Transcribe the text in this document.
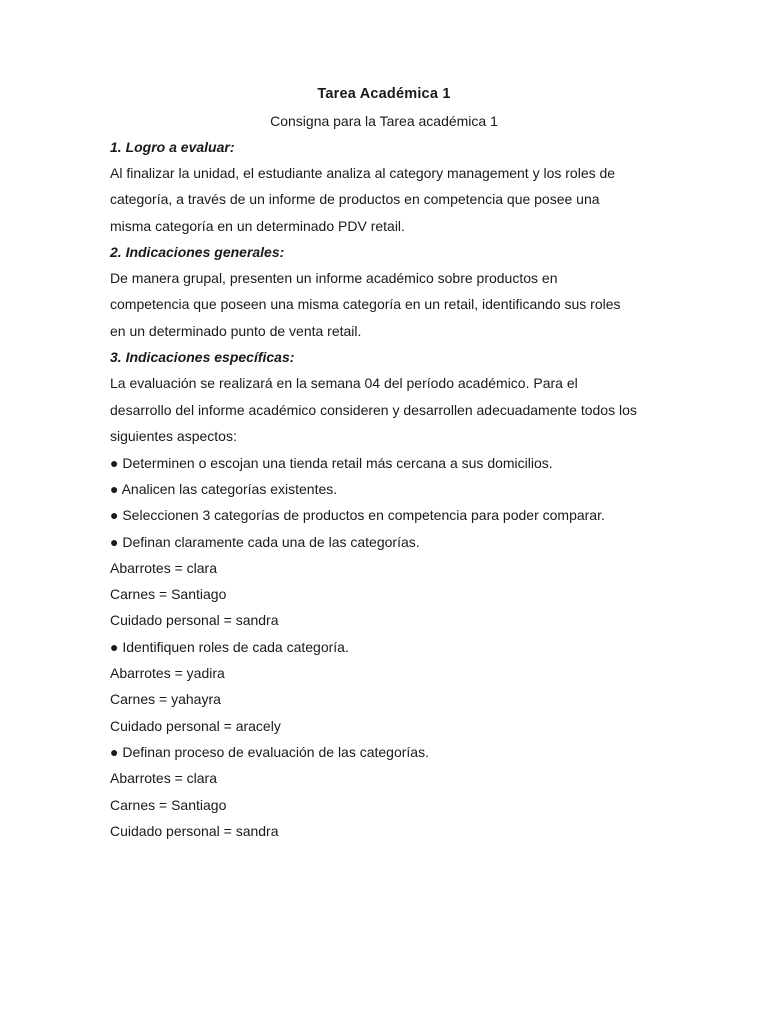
Tarea Académica 1
Consigna para la Tarea académica 1
1. Logro a evaluar:
Al finalizar la unidad, el estudiante analiza al category management y los roles de
categoría, a través de un informe de productos en competencia que posee una
misma categoría en un determinado PDV retail.
2. Indicaciones generales:
De manera grupal, presenten un informe académico sobre productos en
competencia que poseen una misma categoría en un retail, identificando sus roles
en un determinado punto de venta retail.
3. Indicaciones específicas:
La evaluación se realizará en la semana 04 del período académico. Para el
desarrollo del informe académico consideren y desarrollen adecuadamente todos los
siguientes aspectos:
● Determinen o escojan una tienda retail más cercana a sus domicilios.
● Analicen las categorías existentes.
● Seleccionen 3 categorías de productos en competencia para poder comparar.
● Definan claramente cada una de las categorías.
Abarrotes = clara
Carnes = Santiago
Cuidado personal = sandra
● Identifiquen roles de cada categoría.
Abarrotes = yadira
Carnes = yahayra
Cuidado personal = aracely
● Definan proceso de evaluación de las categorías.
Abarrotes = clara
Carnes = Santiago
Cuidado personal = sandra
